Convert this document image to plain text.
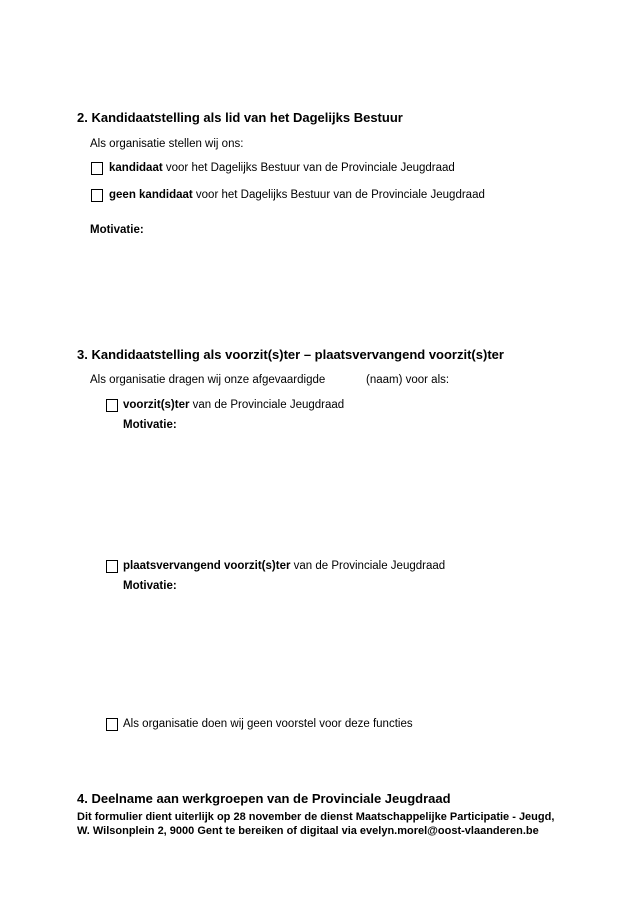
2. Kandidaatstelling als lid van het Dagelijks Bestuur
Als organisatie stellen wij ons:
kandidaat voor het Dagelijks Bestuur van de Provinciale Jeugdraad
geen kandidaat voor het Dagelijks Bestuur van de Provinciale Jeugdraad
Motivatie:
3. Kandidaatstelling als voorzit(s)ter – plaatsvervangend voorzit(s)ter
Als organisatie dragen wij onze afgevaardigde	(naam) voor als:
voorzit(s)ter van de Provinciale Jeugdraad
Motivatie:
plaatsvervangend voorzit(s)ter van de Provinciale Jeugdraad
Motivatie:
Als organisatie doen wij geen voorstel voor deze functies
4. Deelname aan werkgroepen van de Provinciale Jeugdraad
Dit formulier dient uiterlijk op 28 november de dienst Maatschappelijke Participatie - Jeugd,
W. Wilsonplein 2, 9000 Gent te bereiken of digitaal via evelyn.morel@oost-vlaanderen.be
